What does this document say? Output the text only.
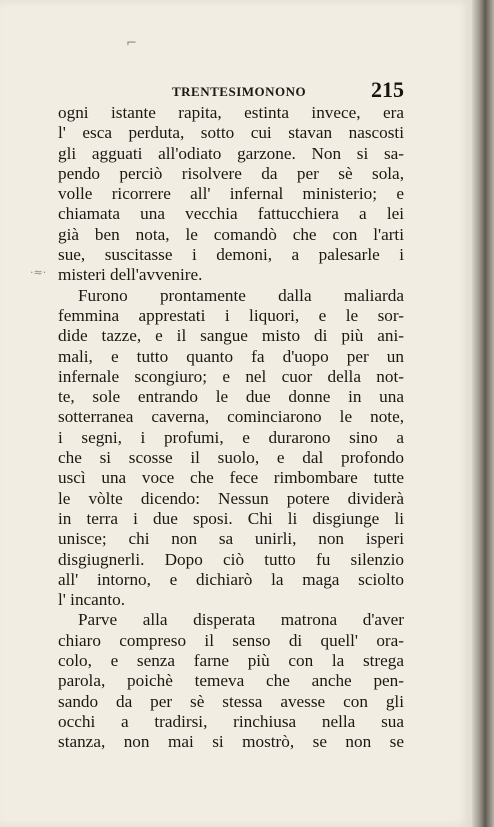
⌐
·≈·
TRENTESIMONONO	215
ogni istante rapita, estinta invece, era
l' esca perduta, sotto cui stavan nascosti
gli agguati all'odiato garzone. Non si sa-
pendo perciò risolvere da per sè sola,
volle ricorrere all' infernal ministerio; e
chiamata una vecchia fattucchiera a lei
già ben nota, le comandò che con l'arti
sue, suscitasse i demoni, a palesarle i
misteri dell'avvenire.
Furono prontamente dalla maliarda
femmina apprestati i liquori, e le sor-
dide tazze, e il sangue misto di più ani-
mali, e tutto quanto fa d'uopo per un
infernale scongiuro; e nel cuor della not-
te, sole entrando le due donne in una
sotterranea caverna, cominciarono le note,
i segni, i profumi, e durarono sino a
che si scosse il suolo, e dal profondo
uscì una voce che fece rimbombare tutte
le vòlte dicendo: Nessun potere dividerà
in terra i due sposi. Chi li disgiunge li
unisce; chi non sa unirli, non isperi
disgiugnerli. Dopo ciò tutto fu silenzio
all' intorno, e dichiarò la maga sciolto
l' incanto.
Parve alla disperata matrona d'aver
chiaro compreso il senso di quell' ora-
colo, e senza farne più con la strega
parola, poichè temeva che anche pen-
sando da per sè stessa avesse con gli
occhi a tradirsi, rinchiusa nella sua
stanza, non mai si mostrò, se non se
